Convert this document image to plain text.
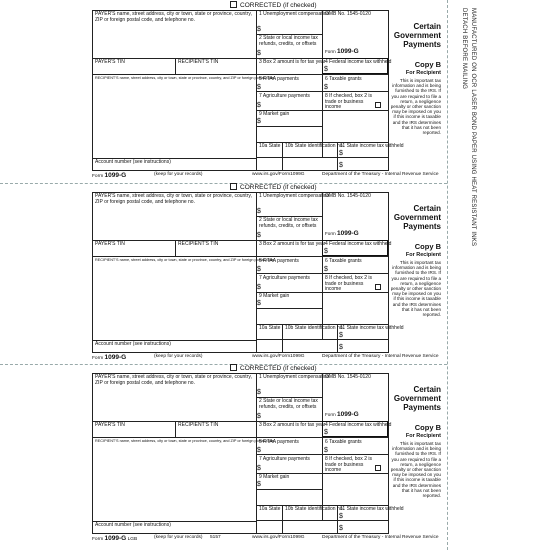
DETACH BEFORE MAILING MANUFACTURED ON OCR LASER BOND PAPER USING HEAT RESISTANT INKS
CORRECTED (if checked)
PAYER'S name, street address, city or town, state or province, country, ZIP or foreign postal code, and telephone no.
1 Unemployment compensation
$
OMB No. 1545-0120
2 State or local income tax refunds, credits, or offsets
$	Form 1099-G
Certain Government Payments
PAYER'S TIN	RECIPIENT'S TIN	3 Box 2 amount is for tax year 4 Federal income tax withheld
$
Copy B
For Recipient
RECIPIENT'S name, street address, city or town, state or province, country, and ZIP or foreign postal code
5 RTAA payments
$
6 Taxable grants
$
This is important tax information and is being furnished to the IRS. If you are required to file a return, a negligence penalty or other sanction may be imposed on you if this income is taxable and the IRS determines that it has not been reported.
7 Agriculture payments
$
8 If checked, box 2 is trade or business income
9 Market gain
$
10a State 10b State identification no.
11 State income tax withheld
$
$
Account number (see instructions)
Form 1099-G	(keep for your records)	www.irs.gov/Form1099G	Department of the Treasury - Internal Revenue Service
CORRECTED (if checked)
PAYER'S name, street address, city or town, state or province, country, ZIP or foreign postal code, and telephone no.
1 Unemployment compensation
$
OMB No. 1545-0120
2 State or local income tax refunds, credits, or offsets
$	Form 1099-G
Certain Government Payments
PAYER'S TIN	RECIPIENT'S TIN	3 Box 2 amount is for tax year 4 Federal income tax withheld
$
Copy B
For Recipient
RECIPIENT'S name, street address, city or town, state or province, country, and ZIP or foreign postal code
5 RTAA payments
$
6 Taxable grants
$
This is important tax information and is being furnished to the IRS. If you are required to file a return, a negligence penalty or other sanction may be imposed on you if this income is taxable and the IRS determines that it has not been reported.
7 Agriculture payments
$
8 If checked, box 2 is trade or business income
9 Market gain
$
10a State 10b State identification no.
11 State income tax withheld
$
$
Account number (see instructions)
Form 1099-G	(keep for your records)	www.irs.gov/Form1099G	Department of the Treasury - Internal Revenue Service
CORRECTED (if checked)
PAYER'S name, street address, city or town, state or province, country, ZIP or foreign postal code, and telephone no.
1 Unemployment compensation
$
OMB No. 1545-0120
2 State or local income tax refunds, credits, or offsets
$	Form 1099-G
Certain Government Payments
PAYER'S TIN	RECIPIENT'S TIN	3 Box 2 amount is for tax year 4 Federal income tax withheld
$
Copy B
For Recipient
RECIPIENT'S name, street address, city or town, state or province, country, and ZIP or foreign postal code
5 RTAA payments
$
6 Taxable grants
$
This is important tax information and is being furnished to the IRS. If you are required to file a return, a negligence penalty or other sanction may be imposed on you if this income is taxable and the IRS determines that it has not been reported.
7 Agriculture payments
$
8 If checked, box 2 is trade or business income
9 Market gain
$
10a State 10b State identification no.
11 State income tax withheld
$
$
Account number (see instructions)
Form 1099-G LGB	(keep for your records) 5157	www.irs.gov/Form1099G	Department of the Treasury - Internal Revenue Service
